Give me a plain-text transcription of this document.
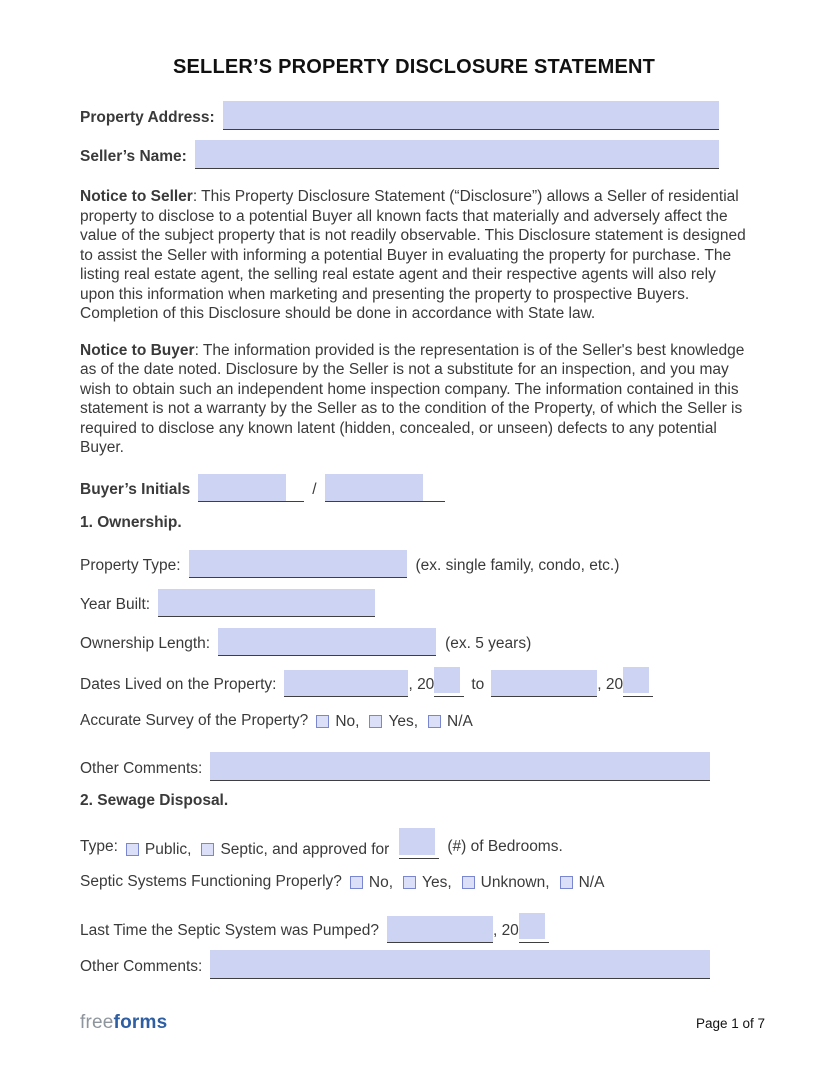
SELLER’S PROPERTY DISCLOSURE STATEMENT
Property Address:
Seller’s Name:

Notice to Seller: This Property Disclosure Statement (“Disclosure”) allows a Seller of residential property to disclose to a potential Buyer all known facts that materially and adversely affect the value of the subject property that is not readily observable. This Disclosure statement is designed to assist the Seller with informing a potential Buyer in evaluating the property for purchase. The listing real estate agent, the selling real estate agent and their respective agents will also rely upon this information when marketing and presenting the property to prospective Buyers. Completion of this Disclosure should be done in accordance with State law.

Notice to Buyer: The information provided is the representation is of the Seller's best knowledge as of the date noted. Disclosure by the Seller is not a substitute for an inspection, and you may wish to obtain such an independent home inspection company. The information contained in this statement is not a warranty by the Seller as to the condition of the Property, of which the Seller is required to disclose any known latent (hidden, concealed, or unseen) defects to any potential Buyer.

Buyer’s Initials	/
1. Ownership.
Property Type:	(ex. single family, condo, etc.)
Year Built:
Ownership Length:	(ex. 5 years)
Dates Lived on the Property:	, 20 to	, 20
Accurate Survey of the Property? No, Yes, N/A
Other Comments:
2. Sewage Disposal.
Type: Public, Septic, and approved for	(#) of Bedrooms.
Septic Systems Functioning Properly? No, Yes, Unknown, N/A
Last Time the Septic System was Pumped?	, 20
Other Comments:
freeforms	Page 1 of 7
